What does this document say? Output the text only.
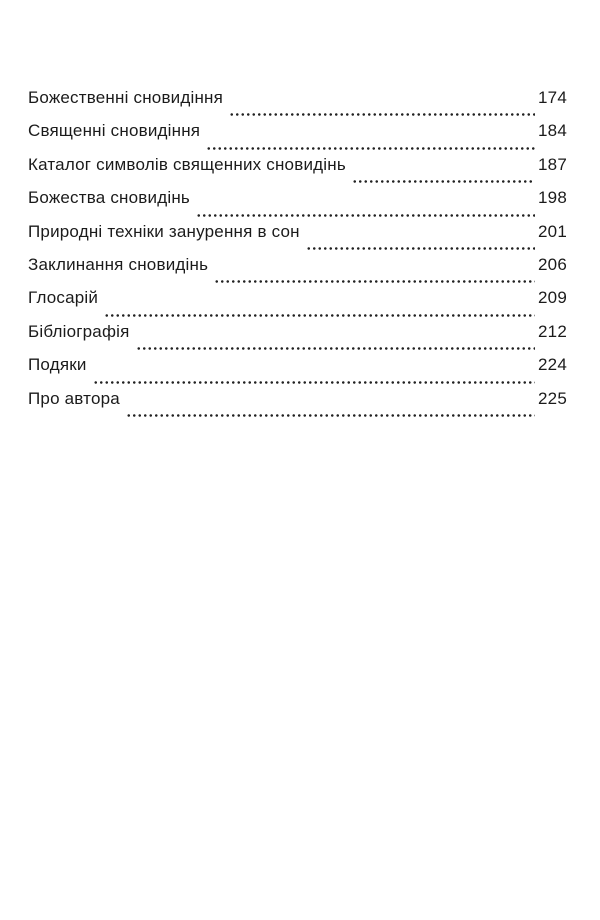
Божественні сновидіння	174
Священні сновидіння	184
Каталог символів священних сновидінь	187
Божества сновидінь	198
Природні техніки занурення в сон	201
Заклинання сновидінь	206
Глосарій	209
Бібліографія	212
Подяки	224
Про автора	225
